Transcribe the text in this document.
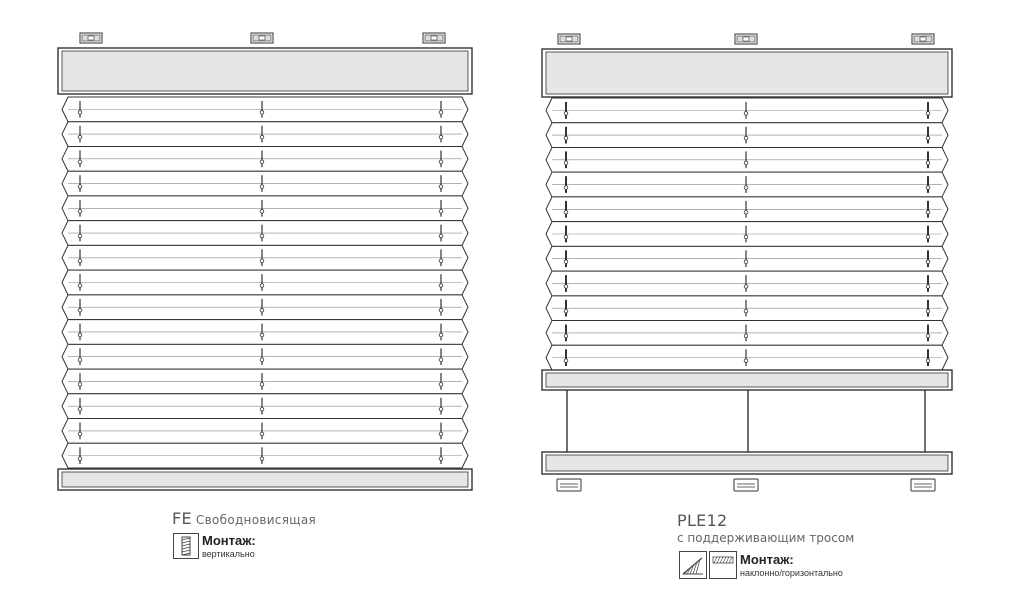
FE Свободновисящая
Монтаж:
вертикально
PLE12
с поддерживающим тросом
Монтаж:
наклонно/горизонтально
